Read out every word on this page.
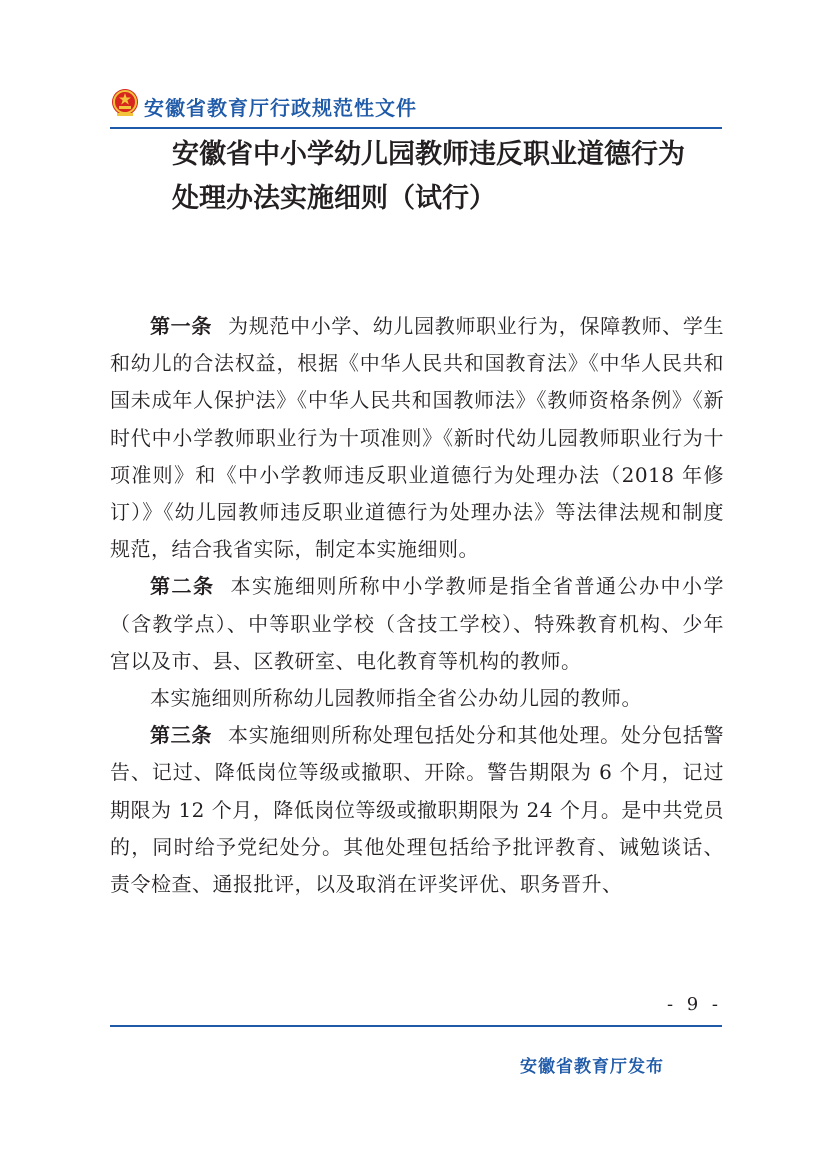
安徽省教育厅行政规范性文件
安徽省中小学幼儿园教师违反职业道德行为
处理办法实施细则（试行）

第一条 为规范中小学、幼儿园教师职业行为，保障教师、学生和幼儿的合法权益，根据《中华人民共和国教育法》《中华人民共和国未成年人保护法》《中华人民共和国教师法》《教师资格条例》《新时代中小学教师职业行为十项准则》《新时代幼儿园教师职业行为十项准则》和《中小学教师违反职业道德行为处理办法（2018 年修订）》《幼儿园教师违反职业道德行为处理办法》等法律法规和制度规范，结合我省实际，制定本实施细则。

第二条 本实施细则所称中小学教师是指全省普通公办中小学（含教学点）、中等职业学校（含技工学校）、特殊教育机构、少年宫以及市、县、区教研室、电化教育等机构的教师。

本实施细则所称幼儿园教师指全省公办幼儿园的教师。

第三条 本实施细则所称处理包括处分和其他处理。处分包括警告、记过、降低岗位等级或撤职、开除。警告期限为 6 个月，记过期限为 12 个月，降低岗位等级或撤职期限为 24 个月。是中共党员的，同时给予党纪处分。其他处理包括给予批评教育、诫勉谈话、责令检查、通报批评，以及取消在评奖评优、职务晋升、

- 9 -
安徽省教育厅发布
